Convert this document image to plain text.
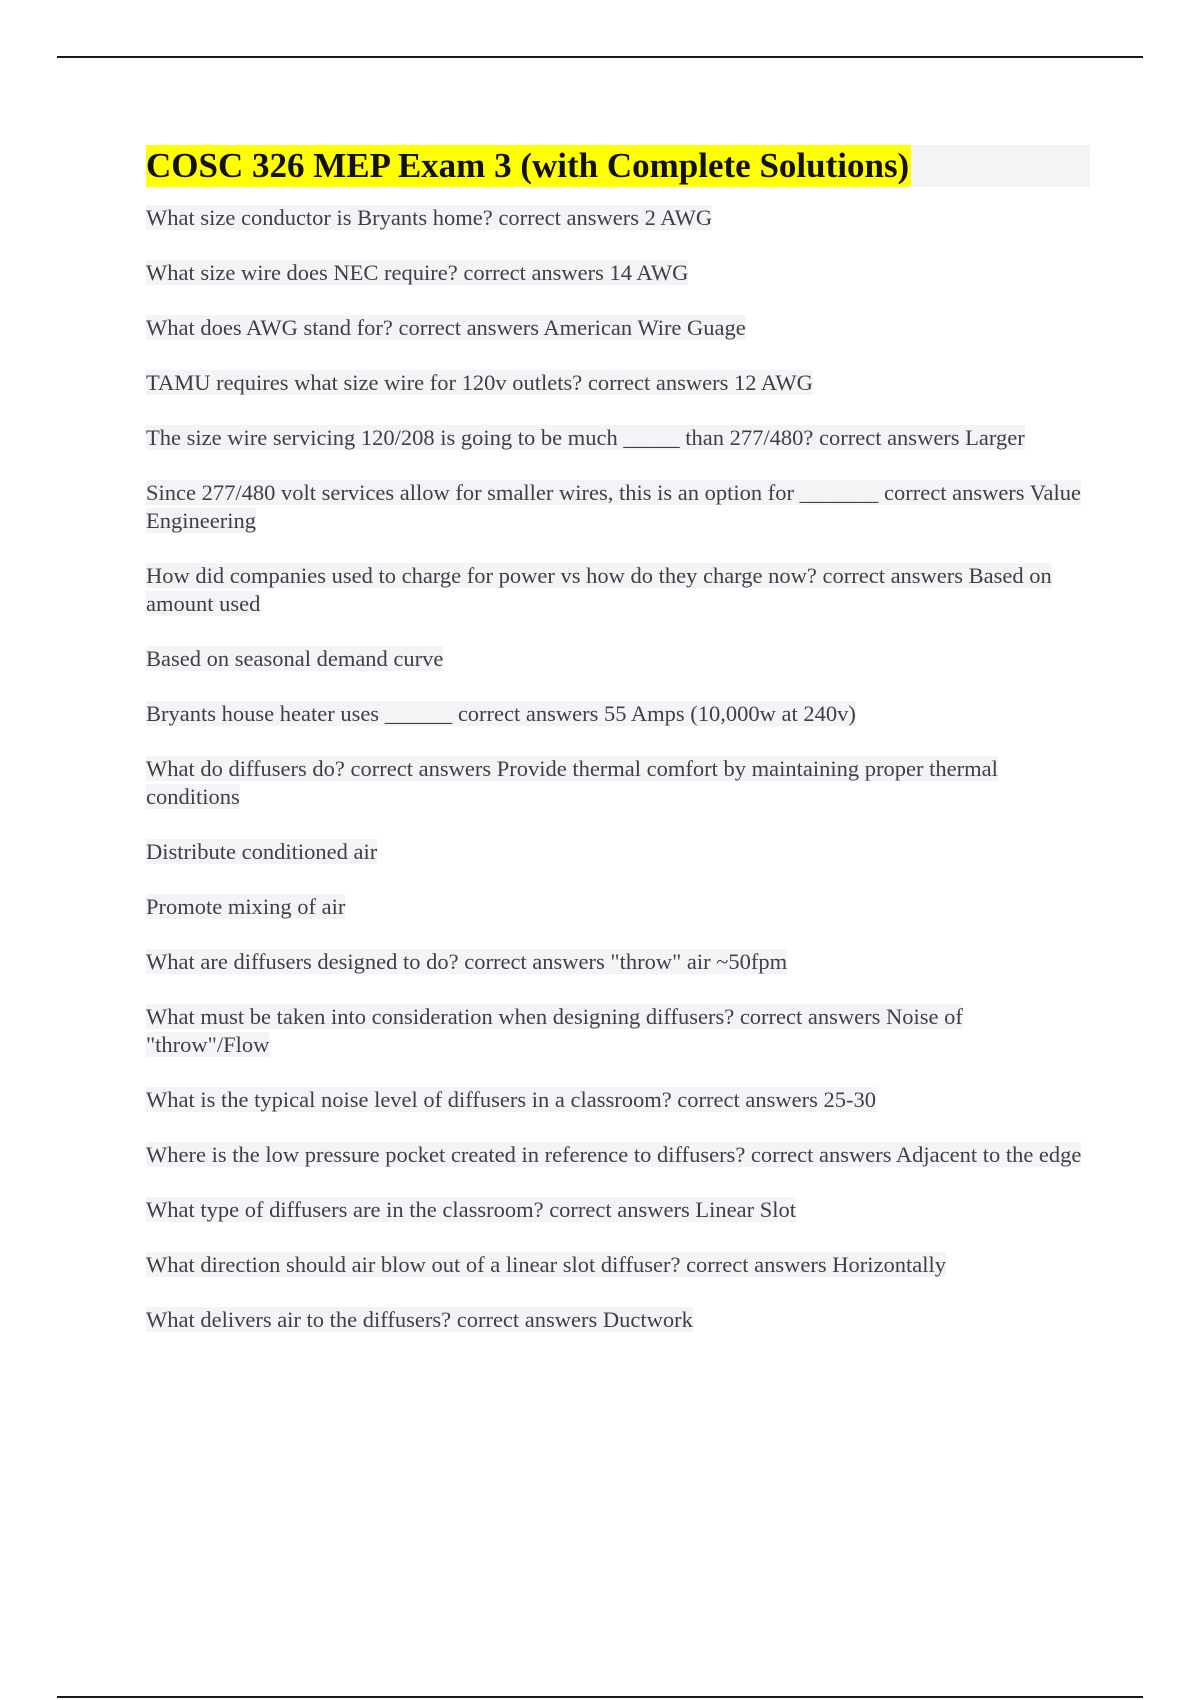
COSC 326 MEP Exam 3 (with Complete Solutions)

What size conductor is Bryants home? correct answers 2 AWG

What size wire does NEC require? correct answers 14 AWG

What does AWG stand for? correct answers American Wire Guage

TAMU requires what size wire for 120v outlets? correct answers 12 AWG

The size wire servicing 120/208 is going to be much _____ than 277/480? correct answers Larger

Since 277/480 volt services allow for smaller wires, this is an option for _______ correct answers Value Engineering

How did companies used to charge for power vs how do they charge now? correct answers Based on amount used

Based on seasonal demand curve

Bryants house heater uses ______ correct answers 55 Amps (10,000w at 240v)

What do diffusers do? correct answers Provide thermal comfort by maintaining proper thermal conditions

Distribute conditioned air

Promote mixing of air

What are diffusers designed to do? correct answers "throw" air ~50fpm

What must be taken into consideration when designing diffusers? correct answers Noise of "throw"/Flow

What is the typical noise level of diffusers in a classroom? correct answers 25-30

Where is the low pressure pocket created in reference to diffusers? correct answers Adjacent to the edge

What type of diffusers are in the classroom? correct answers Linear Slot

What direction should air blow out of a linear slot diffuser? correct answers Horizontally

What delivers air to the diffusers? correct answers Ductwork
